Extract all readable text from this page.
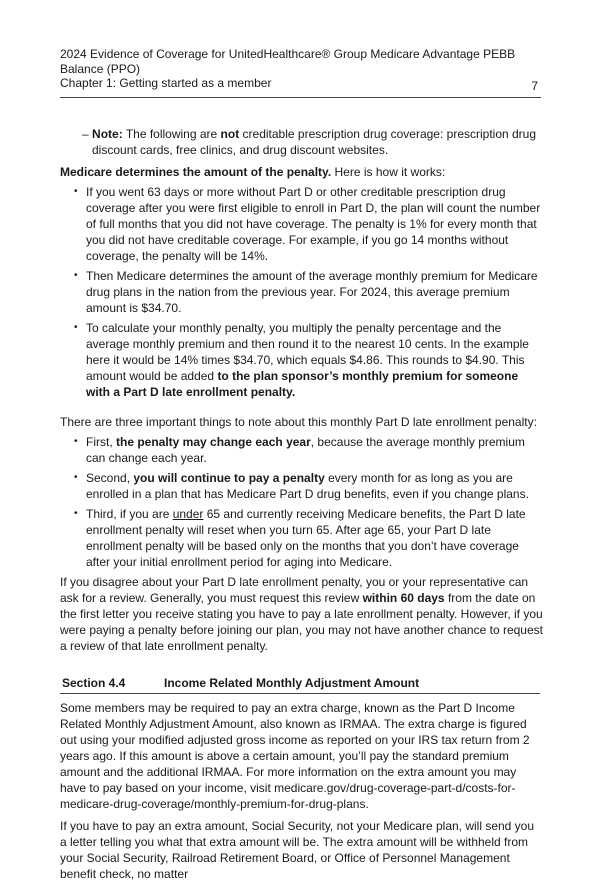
2024 Evidence of Coverage for UnitedHealthcare® Group Medicare Advantage PEBB Balance (PPO)
Chapter 1: Getting started as a member	7

– Note: The following are not creditable prescription drug coverage: prescription drug discount cards, free clinics, and drug discount websites.

Medicare determines the amount of the penalty. Here is how it works:

• If you went 63 days or more without Part D or other creditable prescription drug coverage after you were first eligible to enroll in Part D, the plan will count the number of full months that you did not have coverage. The penalty is 1% for every month that you did not have creditable coverage. For example, if you go 14 months without coverage, the penalty will be 14%.
• Then Medicare determines the amount of the average monthly premium for Medicare drug plans in the nation from the previous year. For 2024, this average premium amount is $34.70.
• To calculate your monthly penalty, you multiply the penalty percentage and the average monthly premium and then round it to the nearest 10 cents. In the example here it would be 14% times $34.70, which equals $4.86. This rounds to $4.90. This amount would be added to the plan sponsor’s monthly premium for someone with a Part D late enrollment penalty.

There are three important things to note about this monthly Part D late enrollment penalty:

• First, the penalty may change each year, because the average monthly premium can change each year.
• Second, you will continue to pay a penalty every month for as long as you are enrolled in a plan that has Medicare Part D drug benefits, even if you change plans.
• Third, if you are under 65 and currently receiving Medicare benefits, the Part D late enrollment penalty will reset when you turn 65. After age 65, your Part D late enrollment penalty will be based only on the months that you don’t have coverage after your initial enrollment period for aging into Medicare.

If you disagree about your Part D late enrollment penalty, you or your representative can ask for a review. Generally, you must request this review within 60 days from the date on the first letter you receive stating you have to pay a late enrollment penalty. However, if you were paying a penalty before joining our plan, you may not have another chance to request a review of that late enrollment penalty.

Section 4.4	Income Related Monthly Adjustment Amount

Some members may be required to pay an extra charge, known as the Part D Income Related Monthly Adjustment Amount, also known as IRMAA. The extra charge is figured out using your modified adjusted gross income as reported on your IRS tax return from 2 years ago. If this amount is above a certain amount, you’ll pay the standard premium amount and the additional IRMAA. For more information on the extra amount you may have to pay based on your income, visit medicare.gov/drug-coverage-part-d/costs-for-medicare-drug-coverage/monthly-premium-for-drug-plans.

If you have to pay an extra amount, Social Security, not your Medicare plan, will send you a letter telling you what that extra amount will be. The extra amount will be withheld from your Social Security, Railroad Retirement Board, or Office of Personnel Management benefit check, no matter
